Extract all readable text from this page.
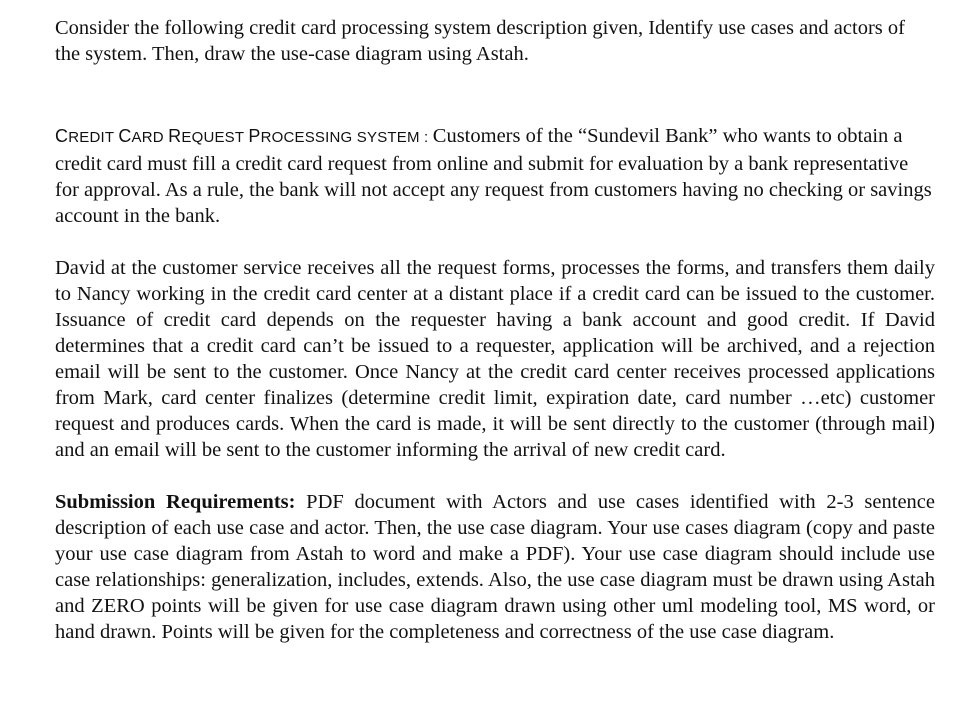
Consider the following credit card processing system description given, Identify use cases and actors of the system. Then, draw the use-case diagram using Astah.

CREDIT CARD REQUEST PROCESSING SYSTEM : Customers of the “Sundevil Bank” who wants to obtain a credit card must fill a credit card request from online and submit for evaluation by a bank representative for approval. As a rule, the bank will not accept any request from customers having no checking or savings account in the bank.

David at the customer service receives all the request forms, processes the forms, and transfers them daily to Nancy working in the credit card center at a distant place if a credit card can be issued to the customer. Issuance of credit card depends on the requester having a bank account and good credit. If David determines that a credit card can’t be issued to a requester, application will be archived, and a rejection email will be sent to the customer. Once Nancy at the credit card center receives processed applications from Mark, card center finalizes (determine credit limit, expiration date, card number …etc) customer request and produces cards. When the card is made, it will be sent directly to the customer (through mail) and an email will be sent to the customer informing the arrival of new credit card.

Submission Requirements: PDF document with Actors and use cases identified with 2-3 sentence description of each use case and actor. Then, the use case diagram. Your use cases diagram (copy and paste your use case diagram from Astah to word and make a PDF). Your use case diagram should include use case relationships: generalization, includes, extends. Also, the use case diagram must be drawn using Astah and ZERO points will be given for use case diagram drawn using other uml modeling tool, MS word, or hand drawn. Points will be given for the completeness and correctness of the use case diagram.
